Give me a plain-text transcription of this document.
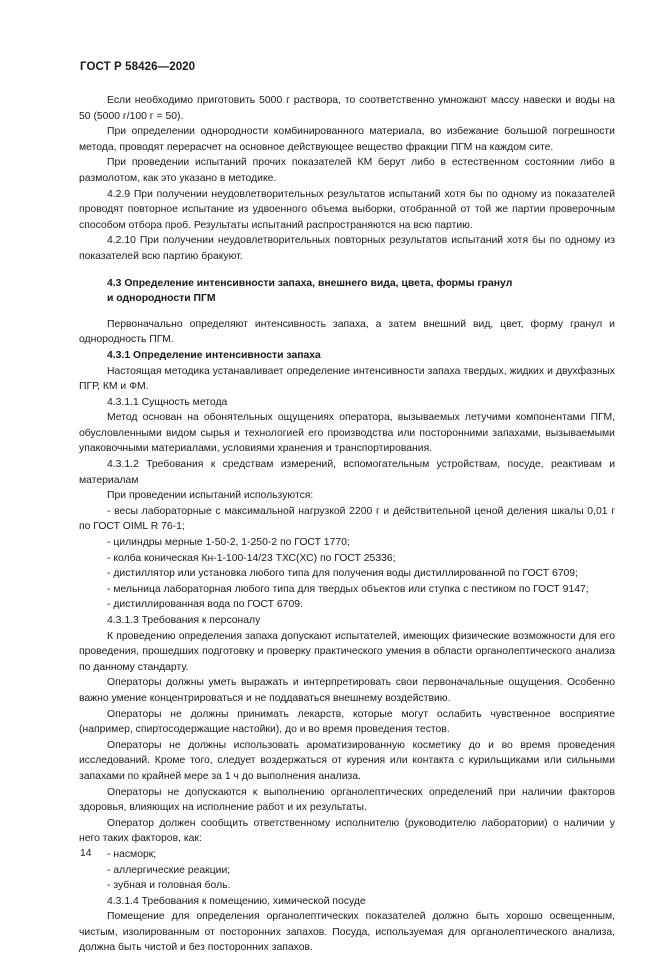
ГОСТ Р 58426—2020

Если необходимо приготовить 5000 г раствора, то соответственно умножают массу навески и воды на 50 (5000 г/100 г = 50).

При определении однородности комбинированного материала, во избежание большой погрешности метода, проводят перерасчет на основное действующее вещество фракции ПГМ на каждом сите.

При проведении испытаний прочих показателей КМ берут либо в естественном состоянии либо в размолотом, как это указано в методике.

4.2.9 При получении неудовлетворительных результатов испытаний хотя бы по одному из показателей проводят повторное испытание из удвоенного объема выборки, отобранной от той же партии проверочным способом отбора проб. Результаты испытаний распространяются на всю партию.

4.2.10 При получении неудовлетворительных повторных результатов испытаний хотя бы по одному из показателей всю партию бракуют.

4.3 Определение интенсивности запаха, внешнего вида, цвета, формы гранул

и однородности ПГМ

Первоначально определяют интенсивность запаха, а затем внешний вид, цвет, форму гранул и однородность ПГМ.

4.3.1 Определение интенсивности запаха

Настоящая методика устанавливает определение интенсивности запаха твердых, жидких и двухфазных ПГР, КМ и ФМ.

4.3.1.1 Сущность метода

Метод основан на обонятельных ощущениях оператора, вызываемых летучими компонентами ПГМ, обусловленными видом сырья и технологией его производства или посторонними запахами, вызываемыми упаковочными материалами, условиями хранения и транспортирования.

4.3.1.2 Требования к средствам измерений, вспомогательным устройствам, посуде, реактивам и материалам

При проведении испытаний используются:

- весы лабораторные с максимальной нагрузкой 2200 г и действительной ценой деления шкалы 0,01 г по ГОСТ OIML R 76-1;

- цилиндры мерные 1-50-2, 1-250-2 по ГОСТ 1770;

- колба коническая Кн-1-100-14/23 ТХС(ХС) по ГОСТ 25336;

- дистиллятор или установка любого типа для получения воды дистиллированной по ГОСТ 6709;

- мельница лабораторная любого типа для твердых объектов или ступка с пестиком по ГОСТ 9147;

- дистиллированная вода по ГОСТ 6709.

4.3.1.3 Требования к персоналу

К проведению определения запаха допускают испытателей, имеющих физические возможности для его проведения, прошедших подготовку и проверку практического умения в области органолептического анализа по данному стандарту.

Операторы должны уметь выражать и интерпретировать свои первоначальные ощущения. Особенно важно умение концентрироваться и не поддаваться внешнему воздействию.

Операторы не должны принимать лекарств, которые могут ослабить чувственное восприятие (например, спиртосодержащие настойки), до и во время проведения тестов.

Операторы не должны использовать ароматизированную косметику до и во время проведения исследований. Кроме того, следует воздержаться от курения или контакта с курильщиками или сильными запахами по крайней мере за 1 ч до выполнения анализа.

Операторы не допускаются к выполнению органолептических определений при наличии факторов здоровья, влияющих на исполнение работ и их результаты.

Оператор должен сообщить ответственному исполнителю (руководителю лаборатории) о наличии у него таких факторов, как:

- насморк;

- аллергические реакции;

- зубная и головная боль.

4.3.1.4 Требования к помещению, химической посуде

Помещение для определения органолептических показателей должно быть хорошо освещенным, чистым, изолированным от посторонних запахов. Посуда, используемая для органолептического анализа, должна быть чистой и без посторонних запахов.

14
